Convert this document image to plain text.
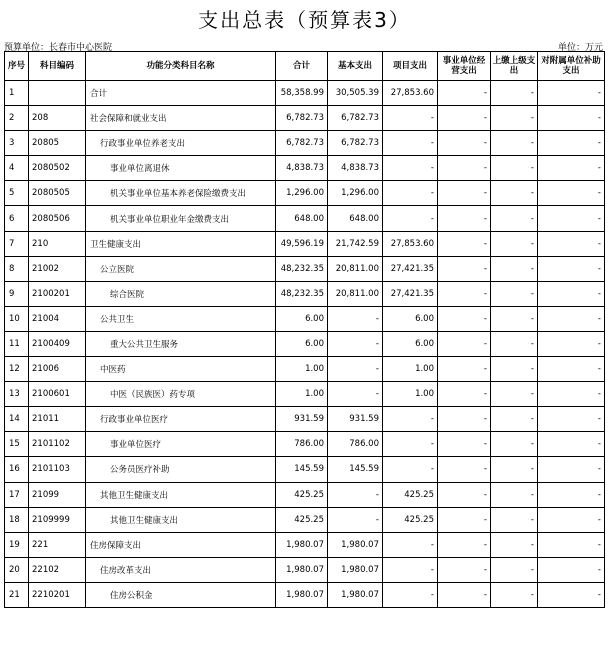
支出总表（预算表3）
预算单位：长春市中心医院	单位：万元
序号	科目编码	功能分类科目名称	合计	基本支出	项目支出	事业单位经营支出	上缴上级支出	对附属单位补助支出
1		合计	58,358.99	30,505.39	27,853.60	-	-	-
2	208	社会保障和就业支出	6,782.73	6,782.73	-	-	-	-
3	20805	行政事业单位养老支出	6,782.73	6,782.73	-	-	-	-
4	2080502	事业单位离退休	4,838.73	4,838.73	-	-	-	-
5	2080505	机关事业单位基本养老保险缴费支出	1,296.00	1,296.00	-	-	-	-
6	2080506	机关事业单位职业年金缴费支出	648.00	648.00	-	-	-	-
7	210	卫生健康支出	49,596.19	21,742.59	27,853.60	-	-	-
8	21002	公立医院	48,232.35	20,811.00	27,421.35	-	-	-
9	2100201	综合医院	48,232.35	20,811.00	27,421.35	-	-	-
10	21004	公共卫生	6.00	-	6.00	-	-	-
11	2100409	重大公共卫生服务	6.00	-	6.00	-	-	-
12	21006	中医药	1.00	-	1.00	-	-	-
13	2100601	中医（民族医）药专项	1.00	-	1.00	-	-	-
14	21011	行政事业单位医疗	931.59	931.59	-	-	-	-
15	2101102	事业单位医疗	786.00	786.00	-	-	-	-
16	2101103	公务员医疗补助	145.59	145.59	-	-	-	-
17	21099	其他卫生健康支出	425.25	-	425.25	-	-	-
18	2109999	其他卫生健康支出	425.25	-	425.25	-	-	-
19	221	住房保障支出	1,980.07	1,980.07	-	-	-	-
20	22102	住房改革支出	1,980.07	1,980.07	-	-	-	-
21	2210201	住房公积金	1,980.07	1,980.07	-	-	-	-
